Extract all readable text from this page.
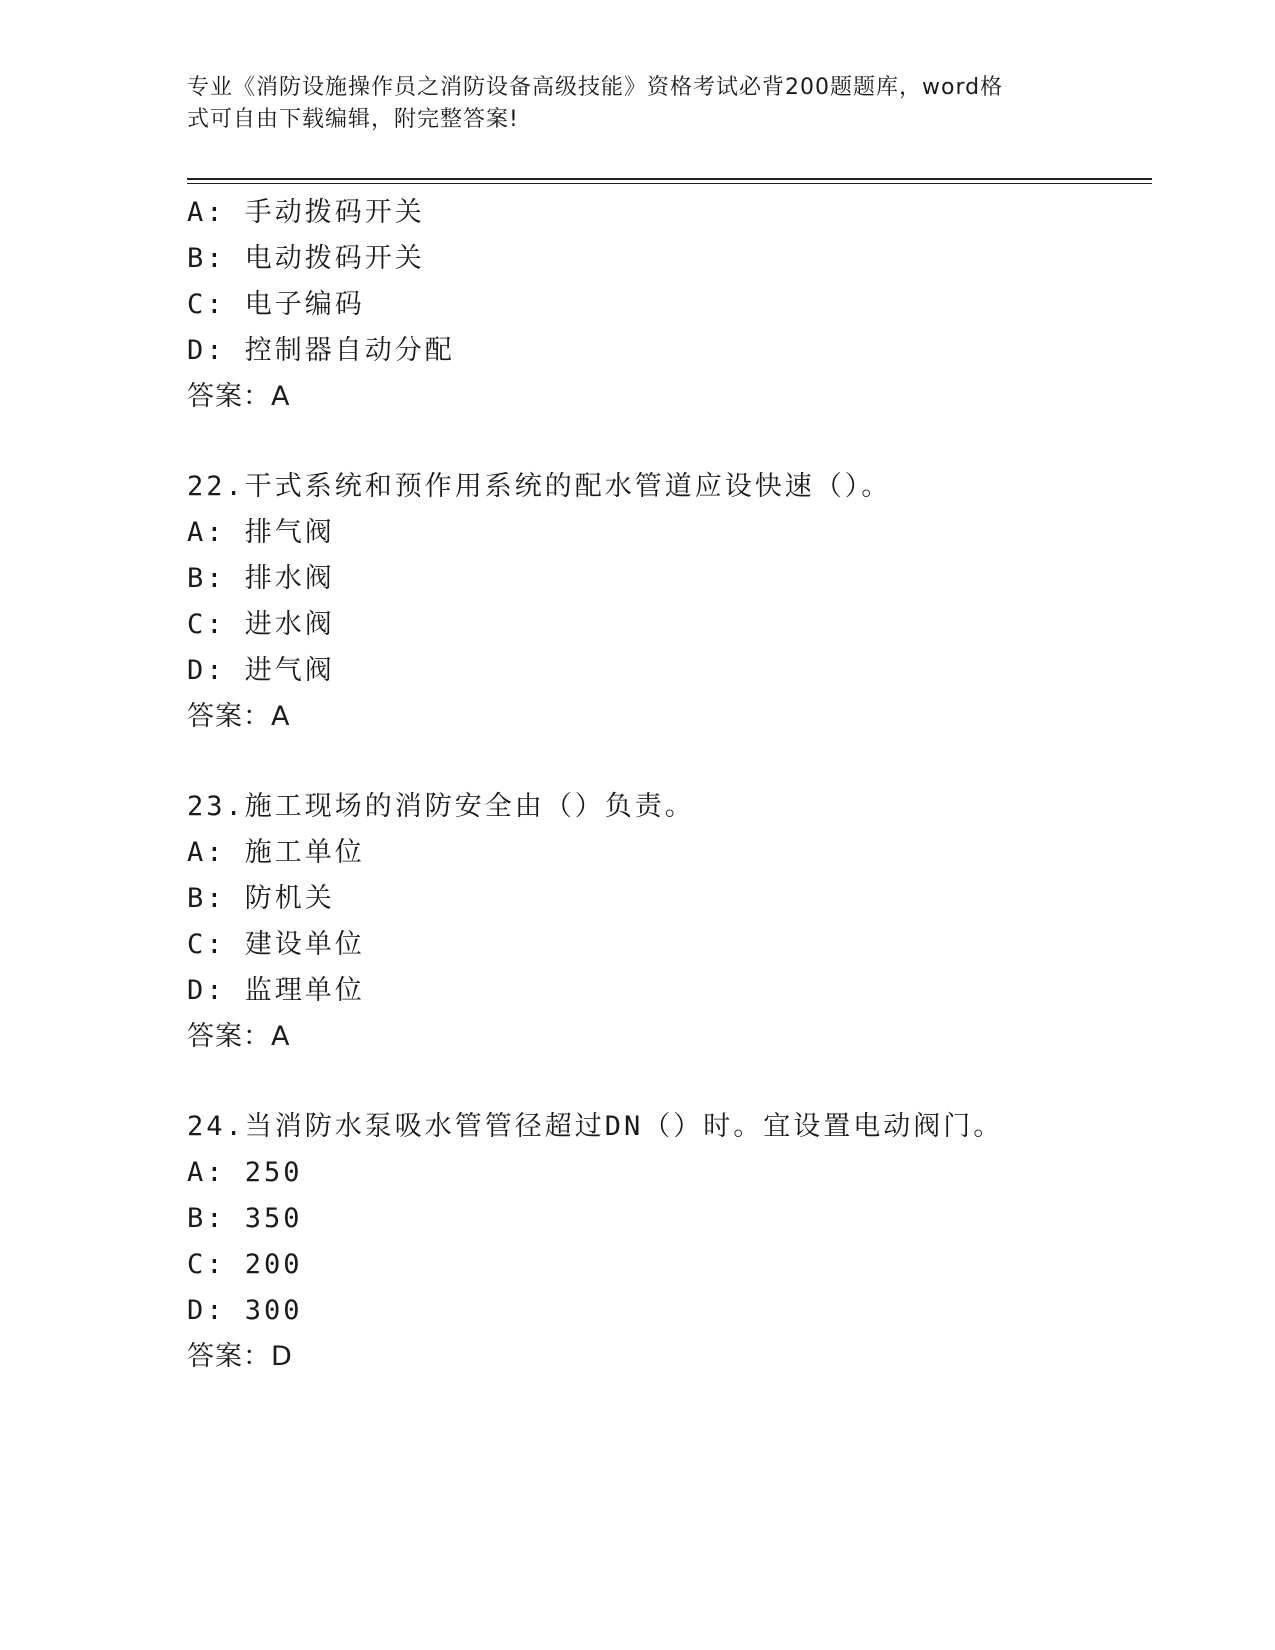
专业《消防设施操作员之消防设备高级技能》资格考试必背200题题库，word格
式可自由下载编辑，附完整答案!
A: 手动拨码开关
B: 电动拨码开关
C: 电子编码
D: 控制器自动分配
答案：A
22.干式系统和预作用系统的配水管道应设快速（）。
A: 排气阀
B: 排水阀
C: 进水阀
D: 进气阀
答案：A
23.施工现场的消防安全由（）负责。
A: 施工单位
B: 防机关
C: 建设单位
D: 监理单位
答案：A
24.当消防水泵吸水管管径超过DN（）时。宜设置电动阀门。
A: 250
B: 350
C: 200
D: 300
答案：D
